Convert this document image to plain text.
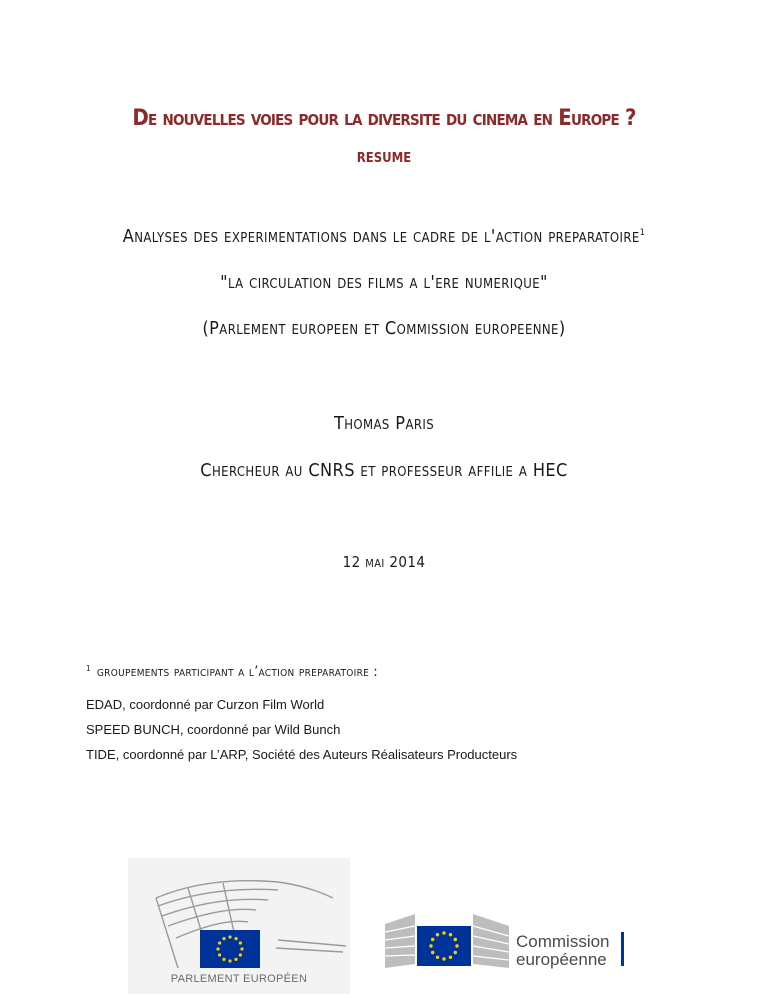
De nouvelles voies pour la diversite du cinema en Europe ?
resume
Analyses des experimentations dans le cadre de l'action preparatoire$^1$
"la circulation des films a l'ere numerique"
(Parlement europeen et Commission europeenne)
Thomas Paris
Chercheur au CNRS et professeur affilie a HEC
12 mai 2014
$^1$ groupements participant a l’action preparatoire :
EDAD, coordonné par Curzon Film World
SPEED BUNCH, coordonné par Wild Bunch
TIDE, coordonné par L’ARP, Société des Auteurs Réalisateurs Producteurs
PARLEMENT EUROPÉEN
Commission
européenne
